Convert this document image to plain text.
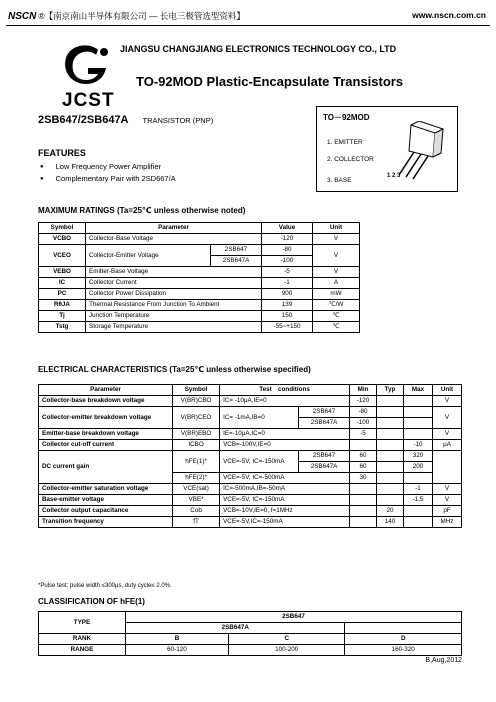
NSCN ®【南京南山半导体有限公司 — 长电三极管选型资料】	www.nscn.com.cn
JCST
JIANGSU CHANGJIANG ELECTRONICS TECHNOLOGY CO., LTD
TO-92MOD Plastic-Encapsulate Transistors
2SB647/2SB647A TRANSISTOR (PNP)	TO－92MOD
1. EMITTER
2. COLLECTOR
3. BASE
1 2 3
FEATURES
● Low Frequency Power Amplifier
● Complementary Pair with 2SD667/A
MAXIMUM RATINGS (Ta=25℃ unless otherwise noted)
Symbol	Parameter		Value	Unit
VCBO	Collector-Base Voltage		-120	V
VCEO	Collector-Emitter Voltage	2SB647	-80	V
		2SB647A	-100	
VEBO	Emitter-Base Voltage		-5	V
IC	Collector Current		-1	A
PC	Collector Power Dissipation		900	mW
RθJA	Thermal Resistance From Junction To Ambient		139	℃/W
Tj	Junction Temperature		150	℃
Tstg	Storage Temperature		-55~+150	℃
ELECTRICAL CHARACTERISTICS (Ta=25℃ unless otherwise specified)
Parameter	Symbol	Test　conditions		Min	Typ	Max	Unit
Collector-base breakdown voltage	V(BR)CBO	IC= -10μA,IE=0		-120			V
Collector-emitter breakdown voltage	V(BR)CEO	IC= -1mA,IB=0	2SB647	-80			V
			2SB647A	-100			
Emitter-base breakdown voltage	V(BR)EBO	IE=-10μA,IC=0		-5			V
Collector cut-off current	ICBO	VCB=-100V,IE=0				-10	μA
DC current gain	hFE(1)*	VCE=-5V, IC=-150mA	2SB647	60		320	
			2SB647A	60		200	
	hFE(2)*	VCE=-5V, IC=-500mA		30			
Collector-emitter saturation voltage	VCE(sat)	IC=-500mA,IB=-50mA				-1	V
Base-emitter voltage	VBE*	VCE=-5V, IC=-150mA				-1.5	V
Collector output capacitance	Cob	VCB=-10V,IE=0, f=1MHz			20		pF
Transition frequency	fT	VCE=-5V,IC=-150mA			140		MHz
*Pulse test: pulse width ≤300μs, duty cycle≤ 2.0%.
CLASSIFICATION OF hFE(1)
TYPE	2SB647		
	2SB647A		
RANK	B	C	D
RANGE	60-120	100-200	160-320
B,Aug,2012
